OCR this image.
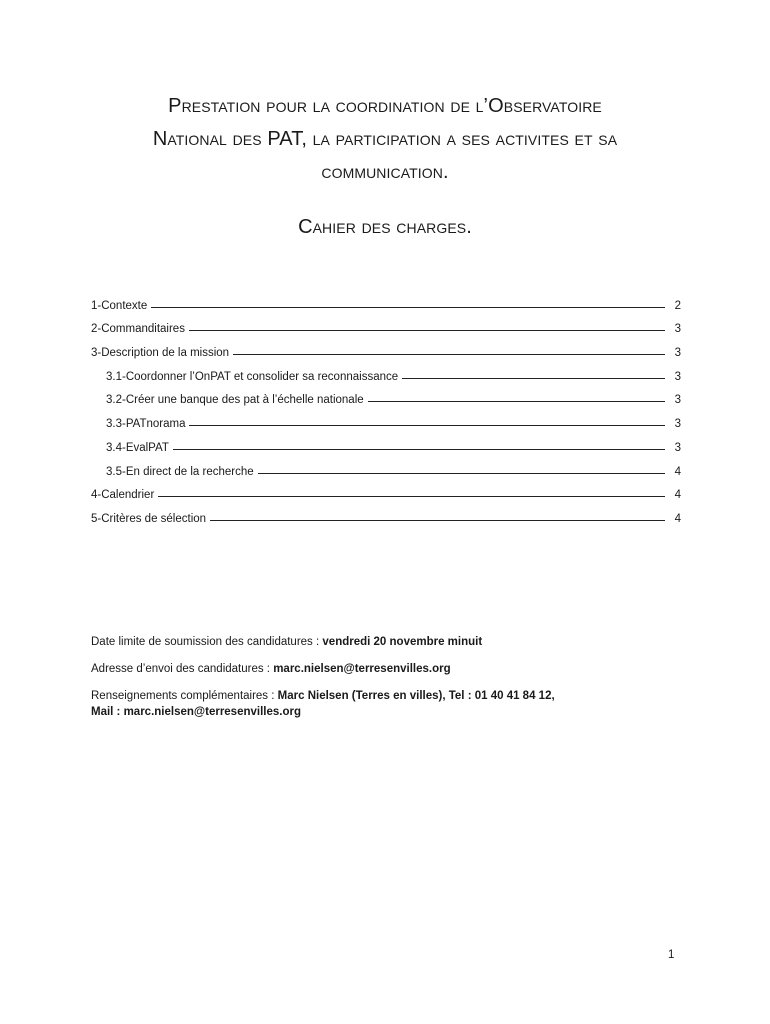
Prestation pour la coordination de l’Observatoire
National des PAT, la participation a ses activites et sa
communication.
Cahier des charges.
1-Contexte	2
2-Commanditaires	3
3-Description de la mission	3
3.1-Coordonner l’OnPAT et consolider sa reconnaissance	3
3.2-Créer une banque des pat à l’échelle nationale	3
3.3-PATnorama	3
3.4-EvalPAT	3
3.5-En direct de la recherche	4
4-Calendrier	4
5-Critères de sélection	4

Date limite de soumission des candidatures : vendredi 20 novembre minuit

Adresse d’envoi des candidatures : marc.nielsen@terresenvilles.org

Renseignements complémentaires : Marc Nielsen (Terres en villes), Tel : 01 40 41 84 12,
Mail : marc.nielsen@terresenvilles.org

1
